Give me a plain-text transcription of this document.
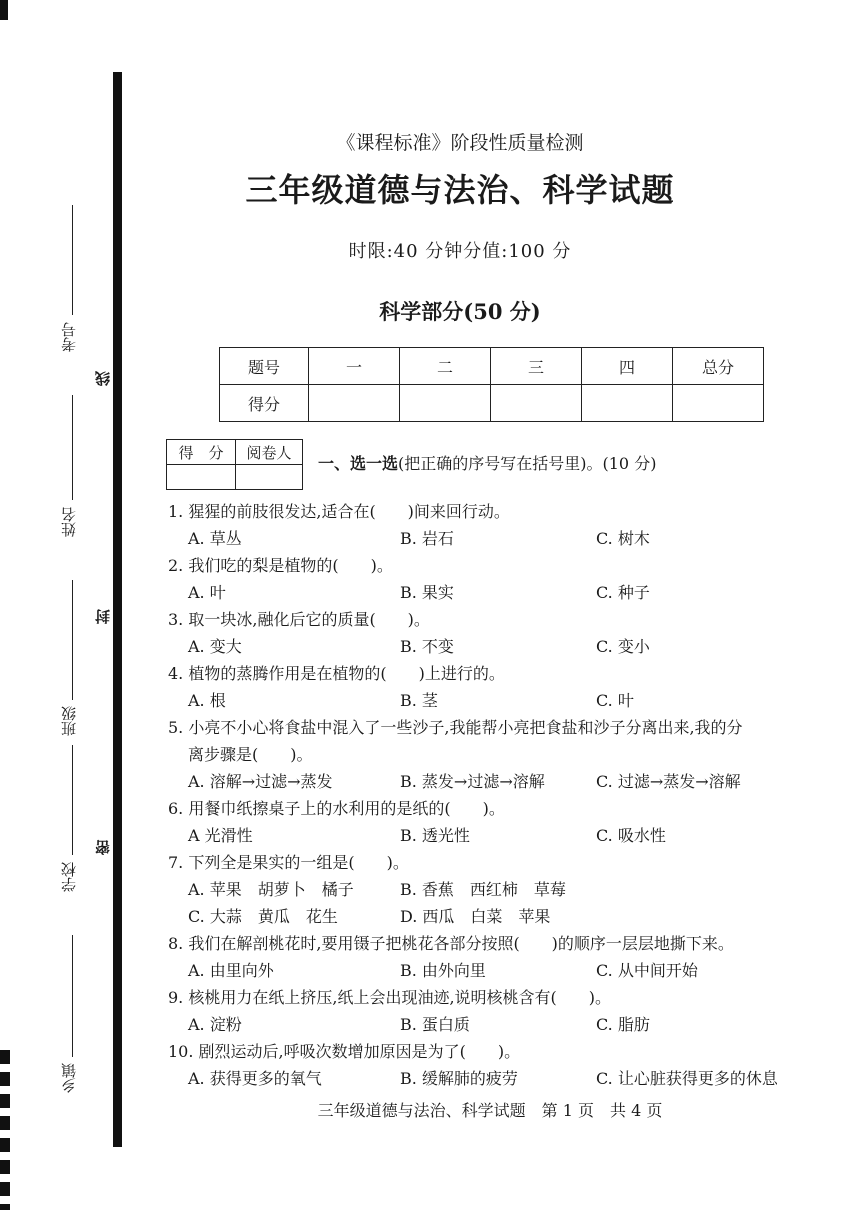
考号
线
姓名
封
班级
密
学校
乡镇
《课程标准》阶段性质量检测
三年级道德与法治、科学试题
时限:40 分钟分值:100 分
科学部分(50 分)
题号	一	二	三	四	总分
得分					
得　分	阅卷人

一、选一选(把正确的序号写在括号里)。(10 分)
1. 猩猩的前肢很发达,适合在(　　)间来回行动。
A. 草丛	B. 岩石	C. 树木
2. 我们吃的梨是植物的(　　)。
A. 叶	B. 果实	C. 种子
3. 取一块冰,融化后它的质量(　　)。
A. 变大	B. 不变	C. 变小
4. 植物的蒸腾作用是在植物的(　　)上进行的。
A. 根	B. 茎	C. 叶
5. 小亮不小心将食盐中混入了一些沙子,我能帮小亮把食盐和沙子分离出来,我的分
离步骤是(　　)。
A. 溶解→过滤→蒸发	B. 蒸发→过滤→溶解	C. 过滤→蒸发→溶解
6. 用餐巾纸擦桌子上的水利用的是纸的(　　)。
A 光滑性	B. 透光性	C. 吸水性
7. 下列全是果实的一组是(　　)。
A. 苹果　胡萝卜　橘子	B. 香蕉　西红柿　草莓
C. 大蒜　黄瓜　花生	D. 西瓜　白菜　苹果
8. 我们在解剖桃花时,要用镊子把桃花各部分按照(　　)的顺序一层层地撕下来。
A. 由里向外	B. 由外向里	C. 从中间开始
9. 核桃用力在纸上挤压,纸上会出现油迹,说明核桃含有(　　)。
A. 淀粉	B. 蛋白质	C. 脂肪
10. 剧烈运动后,呼吸次数增加原因是为了(　　)。
A. 获得更多的氧气	B. 缓解肺的疲劳	C. 让心脏获得更多的休息
三年级道德与法治、科学试题　第 1 页　共 4 页
